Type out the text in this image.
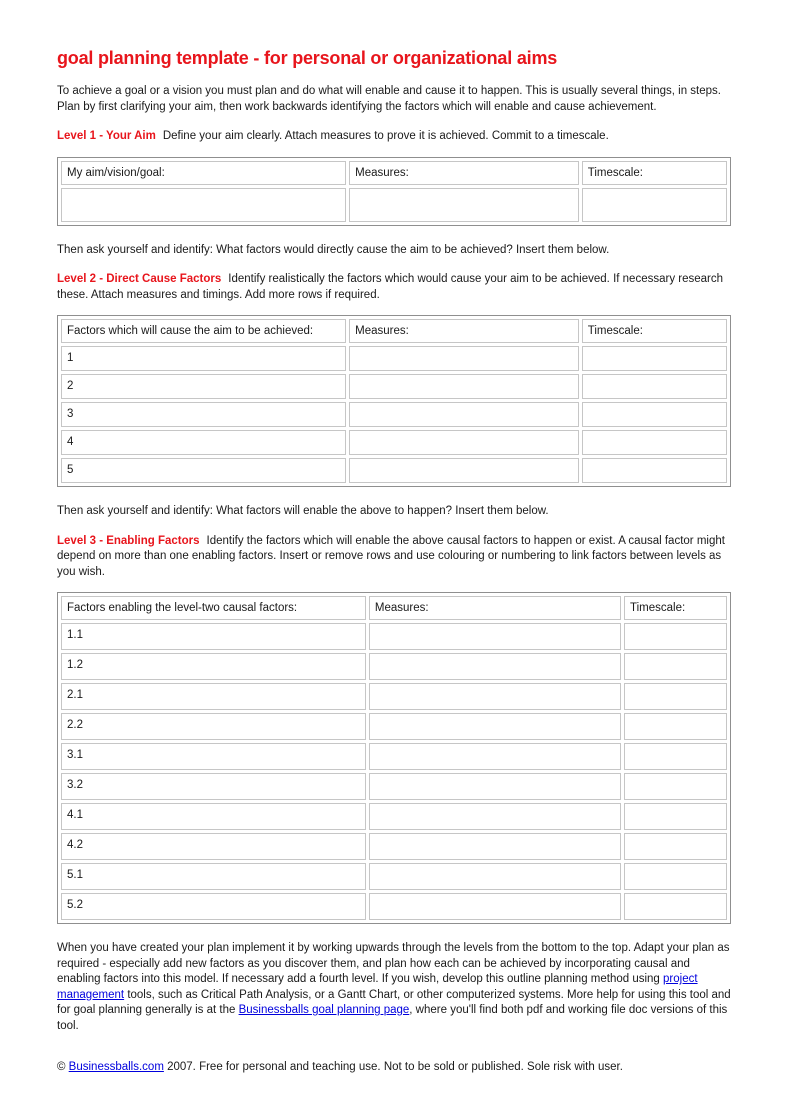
goal planning template - for personal or organizational aims

To achieve a goal or a vision you must plan and do what will enable and cause it to happen. This is usually several things, in steps. Plan by first clarifying your aim, then work backwards identifying the factors which will enable and cause achievement.

Level 1 - Your Aim Define your aim clearly. Attach measures to prove it is achieved. Commit to a timescale.

My aim/vision/goal:	Measures:	Timescale:

Then ask yourself and identify: What factors would directly cause the aim to be achieved? Insert them below.

Level 2 - Direct Cause Factors Identify realistically the factors which would cause your aim to be achieved. If necessary research these. Attach measures and timings. Add more rows if required.

Factors which will cause the aim to be achieved:	Measures:	Timescale:
1		
2		
3		
4		
5		

Then ask yourself and identify: What factors will enable the above to happen? Insert them below.

Level 3 - Enabling Factors Identify the factors which will enable the above causal factors to happen or exist. A causal factor might depend on more than one enabling factors. Insert or remove rows and use colouring or numbering to link factors between levels as you wish.

Factors enabling the level-two causal factors:	Measures:	Timescale:
1.1		
1.2		
2.1		
2.2		
3.1		
3.2		
4.1		
4.2		
5.1		
5.2		

When you have created your plan implement it by working upwards through the levels from the bottom to the top. Adapt your plan as required - especially add new factors as you discover them, and plan how each can be achieved by incorporating causal and enabling factors into this model. If necessary add a fourth level. If you wish, develop this outline planning method using project management tools, such as Critical Path Analysis, or a Gantt Chart, or other computerized systems. More help for using this tool and for goal planning generally is at the Businessballs goal planning page, where you'll find both pdf and working file doc versions of this tool.

© Businessballs.com 2007. Free for personal and teaching use. Not to be sold or published. Sole risk with user.
